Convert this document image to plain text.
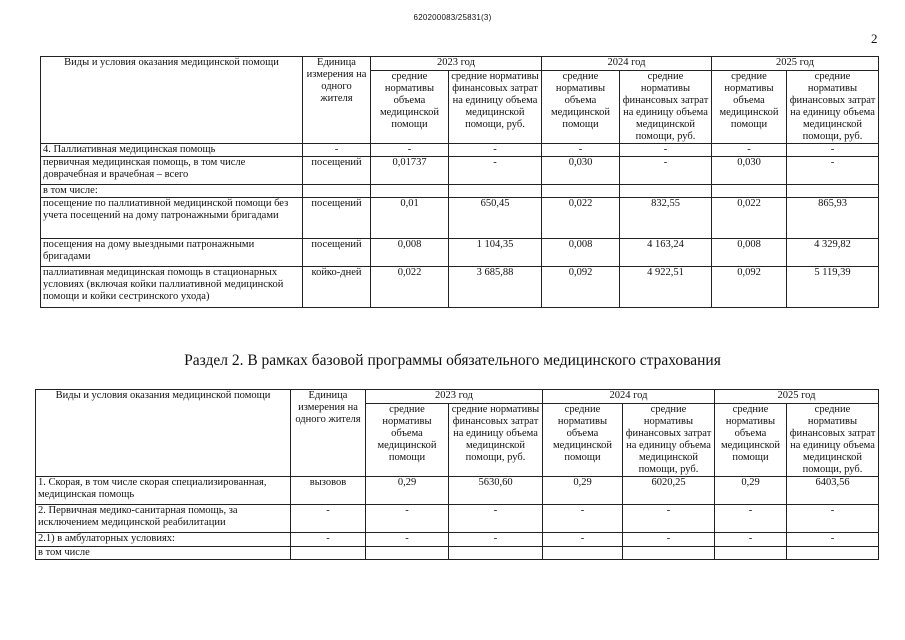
620200083/25831(3)
2
Виды и условия оказания медицинской помощи	Единица измерения на одного жителя	2023 год		2024 год		2025 год	
		средние нормативы объема медицинской помощи	средние нормативы финансовых затрат на единицу объема медицинской помощи, руб.	средние нормативы объема медицинской помощи	средние нормативы финансовых затрат на единицу объема медицинской помощи, руб.	средние нормативы объема медицинской помощи	средние нормативы финансовых затрат на единицу объема медицинской помощи, руб.
4. Паллиативная медицинская помощь	-	-	-	-	-	-	-
первичная медицинская помощь, в том числе доврачебная и врачебная – всего	посещений	0,01737	-	0,030	-	0,030	-
в том числе:							
посещение по паллиативной медицинской помощи без учета посещений на дому патронажными бригадами	посещений	0,01	650,45	0,022	832,55	0,022	865,93
посещения на дому выездными патронажными бригадами	посещений	0,008	1 104,35	0,008	4 163,24	0,008	4 329,82
паллиативная медицинская помощь в стационарных условиях (включая койки паллиативной медицинской помощи и койки сестринского ухода)	койко-дней	0,022	3 685,88	0,092	4 922,51	0,092	5 119,39
Раздел 2. В рамках базовой программы обязательного медицинского страхования
Виды и условия оказания медицинской помощи	Единица измерения на одного жителя	2023 год		2024 год		2025 год	
		средние нормативы объема медицинской помощи	средние нормативы финансовых затрат на единицу объема медицинской помощи, руб.	средние нормативы объема медицинской помощи	средние нормативы финансовых затрат на единицу объема медицинской помощи, руб.	средние нормативы объема медицинской помощи	средние нормативы финансовых затрат на единицу объема медицинской помощи, руб.
1. Скорая, в том числе скорая специализированная, медицинская помощь	вызовов	0,29	5630,60	0,29	6020,25	0,29	6403,56
2. Первичная медико-санитарная помощь, за исключением медицинской реабилитации	-	-	-	-	-	-	-
2.1) в амбулаторных условиях:	-	-	-	-	-	-	-
в том числе							
